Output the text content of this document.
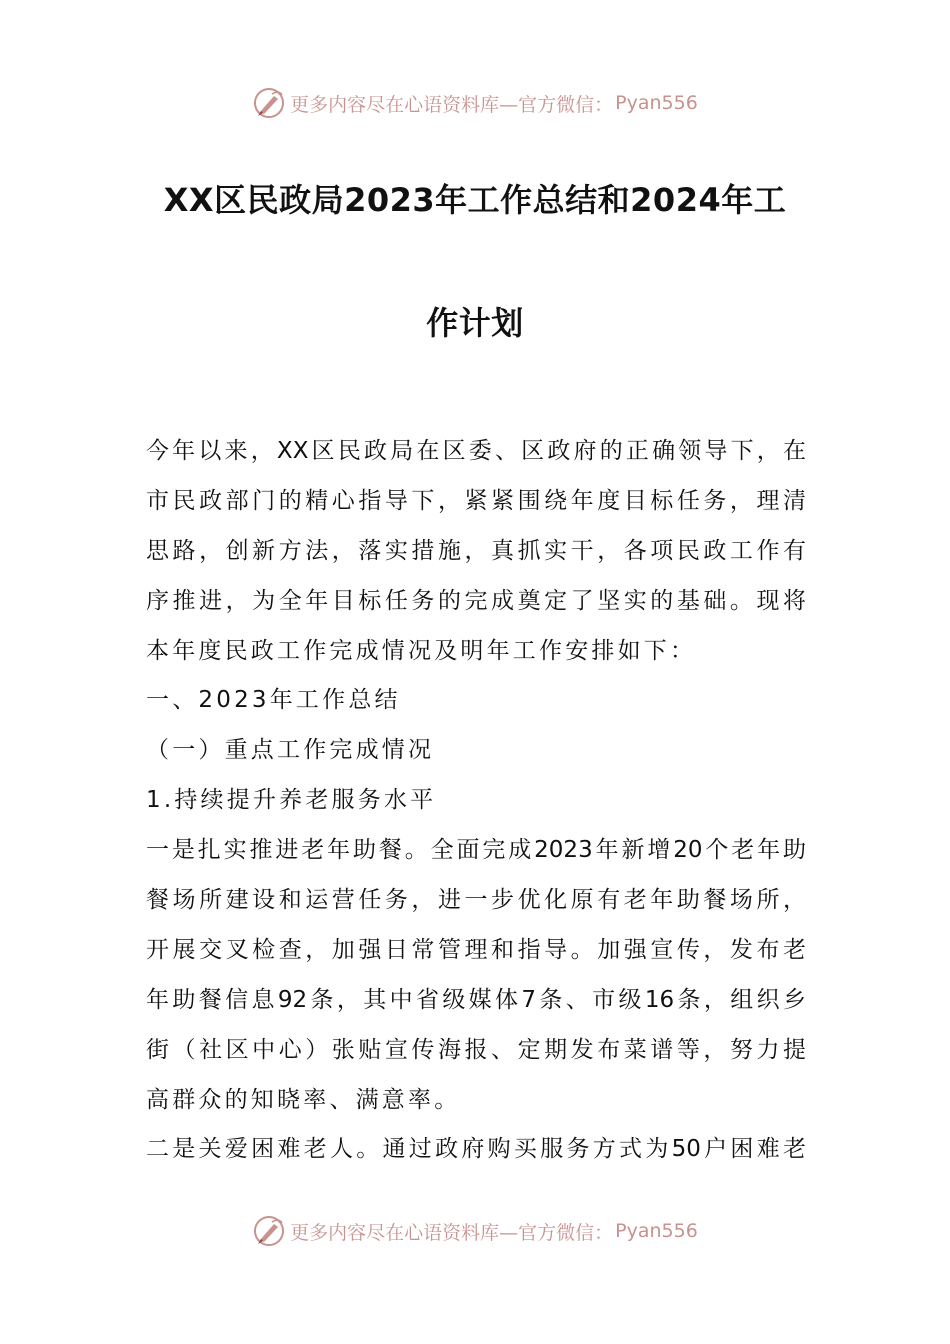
更多内容尽在心语资料库—官方微信： Pyan556
XX区民政局2023年工作总结和2024年工
作计划
今年以来，XX区民政局在区委、区政府的正确领导下，在
市民政部门的精心指导下，紧紧围绕年度目标任务，理清
思路，创新方法，落实措施，真抓实干，各项民政工作有
序推进，为全年目标任务的完成奠定了坚实的基础。现将
本年度民政工作完成情况及明年工作安排如下：
一、2023年工作总结
（一）重点工作完成情况
1.持续提升养老服务水平
一是扎实推进老年助餐。全面完成2023年新增20个老年助
餐场所建设和运营任务，进一步优化原有老年助餐场所，
开展交叉检查，加强日常管理和指导。加强宣传，发布老
年助餐信息92条，其中省级媒体7条、市级16条，组织乡
街（社区中心）张贴宣传海报、定期发布菜谱等，努力提
高群众的知晓率、满意率。
二是关爱困难老人。通过政府购买服务方式为50户困难老
更多内容尽在心语资料库—官方微信： Pyan556
